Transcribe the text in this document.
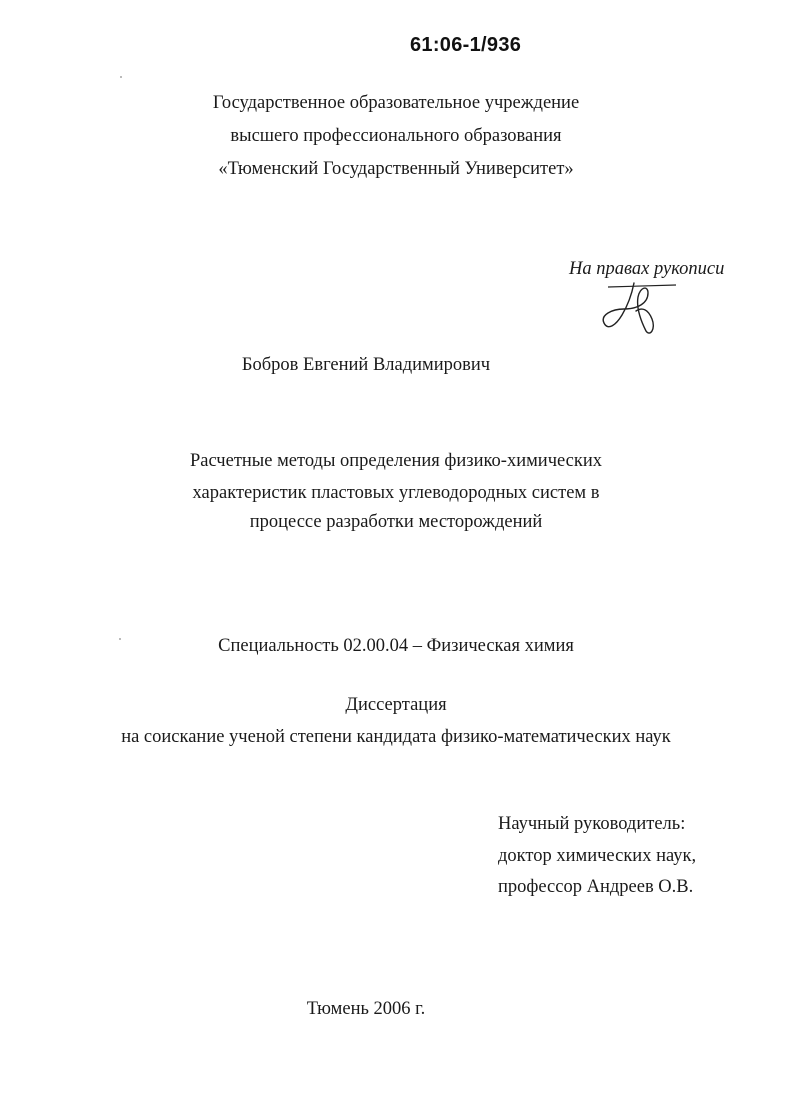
61:06-1/936
Государственное образовательное учреждение
высшего профессионального образования
«Тюменский Государственный Университет»
На правах рукописи
Бобров Евгений Владимирович
Расчетные методы определения физико-химических
характеристик пластовых углеводородных систем в
процессе разработки месторождений
Специальность 02.00.04 – Физическая химия
Диссертация
на соискание ученой степени кандидата физико-математических наук
Научный руководитель:
доктор химических наук,
профессор Андреев О.В.
Тюмень 2006 г.
